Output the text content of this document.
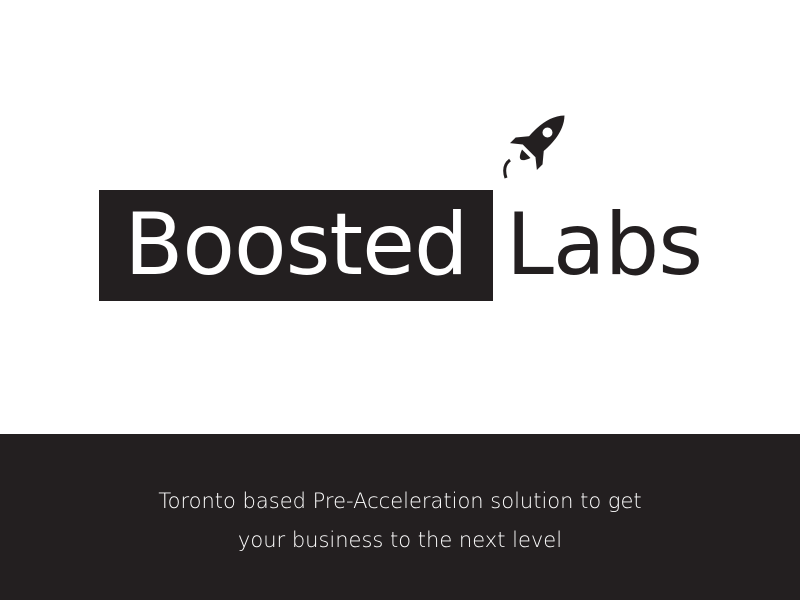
Boosted Labs
Toronto based Pre-Acceleration solution to get
your business to the next level
